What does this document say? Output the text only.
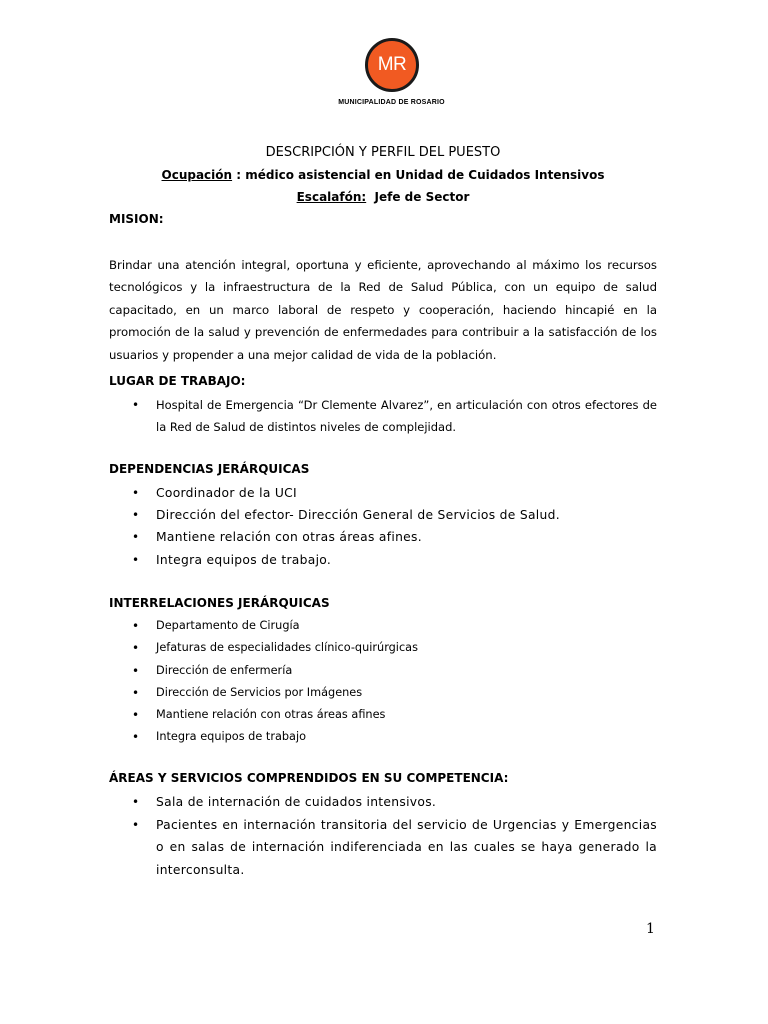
MR
MUNICIPALIDAD DE ROSARIO
DESCRIPCIÓN Y PERFIL DEL PUESTO
Ocupación : médico asistencial en Unidad de Cuidados Intensivos
Escalafón:  Jefe de Sector
MISION:
Brindar una atención integral, oportuna y eficiente, aprovechando al máximo los recursos tecnológicos y la infraestructura de la Red de Salud Pública, con un equipo de salud capacitado, en un marco laboral de respeto y cooperación, haciendo hincapié en la promoción de la salud y prevención de enfermedades para contribuir a la satisfacción de los usuarios y propender a una mejor calidad de vida de la población.
LUGAR DE TRABAJO:
• Hospital de Emergencia “Dr Clemente Alvarez”, en articulación con otros efectores de la Red de Salud de distintos niveles de complejidad.
DEPENDENCIAS JERÁRQUICAS
• Coordinador de la UCI
• Dirección del efector- Dirección General de Servicios de Salud.
• Mantiene relación con otras áreas afines.
• Integra equipos de trabajo.
INTERRELACIONES JERÁRQUICAS
• Departamento de Cirugía
• Jefaturas de especialidades clínico-quirúrgicas
• Dirección de enfermería
• Dirección de Servicios por Imágenes
• Mantiene relación con otras áreas afines
• Integra equipos de trabajo
ÁREAS Y SERVICIOS COMPRENDIDOS EN SU COMPETENCIA:
• Sala de internación de cuidados intensivos.
• Pacientes en internación transitoria del servicio de Urgencias y Emergencias o en salas de internación indiferenciada en las cuales se haya generado la interconsulta.
1
